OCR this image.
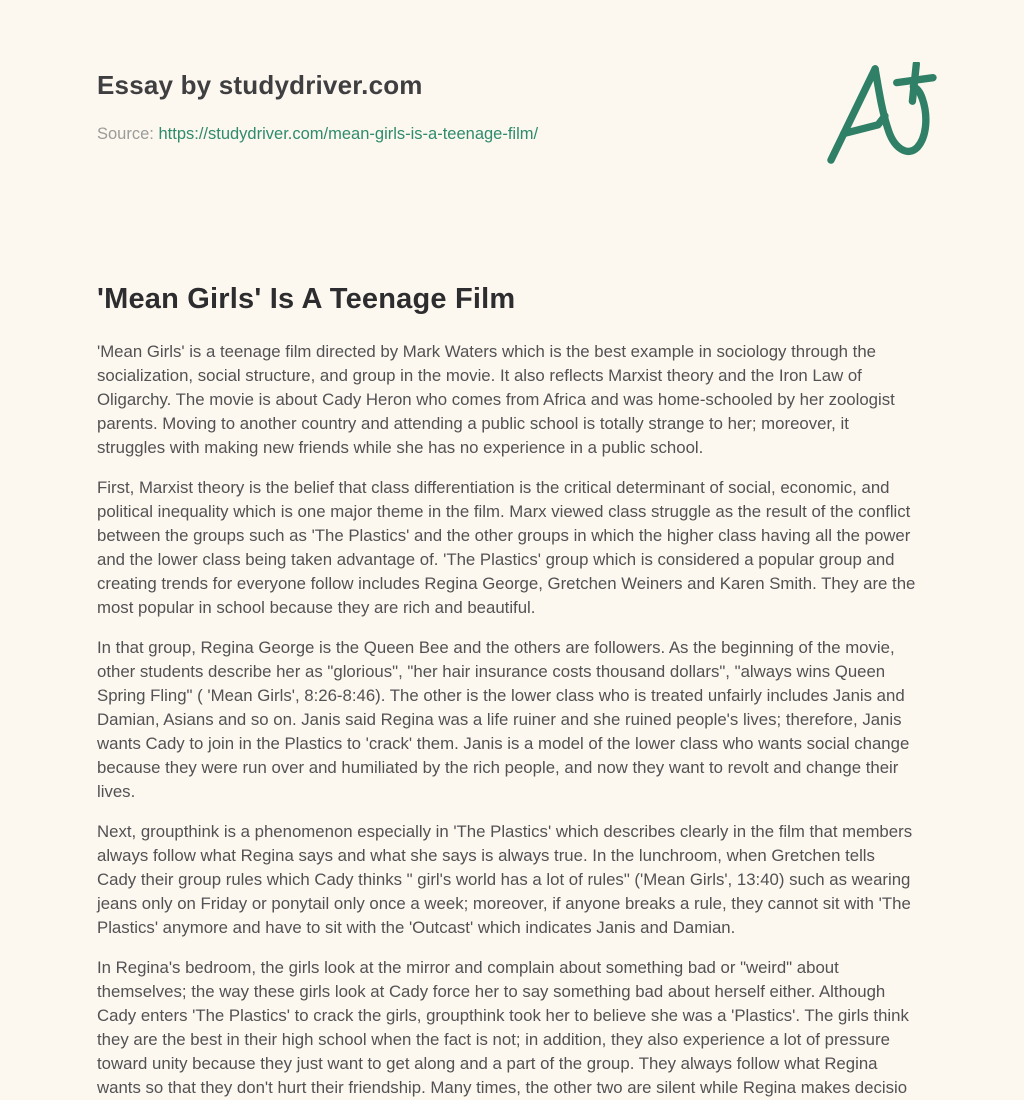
Essay by studydriver.com
Source: https://studydriver.com/mean-girls-is-a-teenage-film/
'Mean Girls' Is A Teenage Film

'Mean Girls' is a teenage film directed by Mark Waters which is the best example in sociology through the socialization, social structure, and group in the movie. It also reflects Marxist theory and the Iron Law of Oligarchy. The movie is about Cady Heron who comes from Africa and was home-schooled by her zoologist parents. Moving to another country and attending a public school is totally strange to her; moreover, it struggles with making new friends while she has no experience in a public school.

First, Marxist theory is the belief that class differentiation is the critical determinant of social, economic, and political inequality which is one major theme in the film. Marx viewed class struggle as the result of the conflict between the groups such as 'The Plastics' and the other groups in which the higher class having all the power and the lower class being taken advantage of. 'The Plastics' group which is considered a popular group and creating trends for everyone follow includes Regina George, Gretchen Weiners and Karen Smith. They are the most popular in school because they are rich and beautiful.

In that group, Regina George is the Queen Bee and the others are followers. As the beginning of the movie, other students describe her as "glorious", "her hair insurance costs thousand dollars", "always wins Queen Spring Fling" ( 'Mean Girls', 8:26-8:46). The other is the lower class who is treated unfairly includes Janis and Damian, Asians and so on. Janis said Regina was a life ruiner and she ruined people's lives; therefore, Janis wants Cady to join in the Plastics to 'crack' them. Janis is a model of the lower class who wants social change because they were run over and humiliated by the rich people, and now they want to revolt and change their lives.

Next, groupthink is a phenomenon especially in 'The Plastics' which describes clearly in the film that members always follow what Regina says and what she says is always true. In the lunchroom, when Gretchen tells Cady their group rules which Cady thinks " girl's world has a lot of rules" ('Mean Girls', 13:40) such as wearing jeans only on Friday or ponytail only once a week; moreover, if anyone breaks a rule, they cannot sit with 'The Plastics' anymore and have to sit with the 'Outcast' which indicates Janis and Damian.

In Regina's bedroom, the girls look at the mirror and complain about something bad or "weird" about themselves; the way these girls look at Cady force her to say something bad about herself either. Although Cady enters 'The Plastics' to crack the girls, groupthink took her to believe she was a 'Plastics'. The girls think they are the best in their high school when the fact is not; in addition, they also experience a lot of pressure toward unity because they just want to get along and a part of the group. They always follow what Regina wants so that they don't hurt their friendship. Many times, the other two are silent while Regina makes decisio
